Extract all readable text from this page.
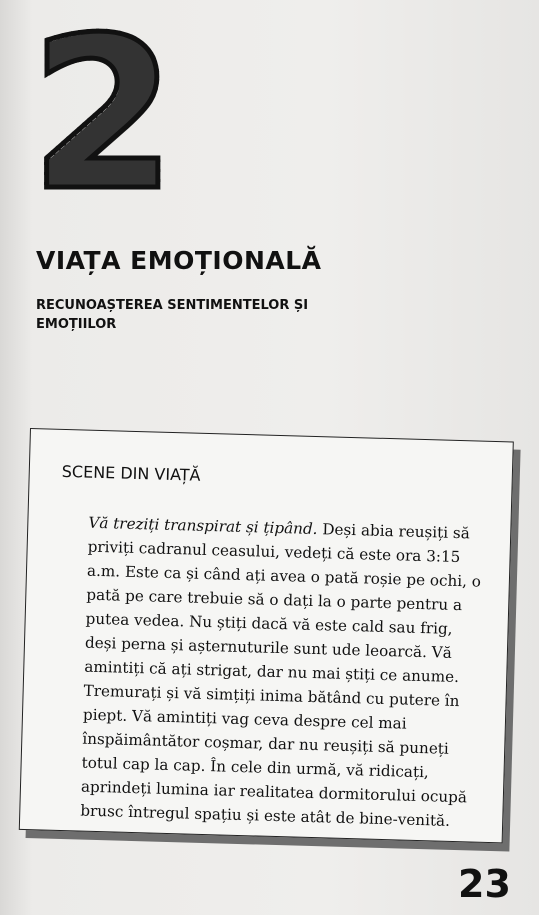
2
VIAȚA EMOȚIONALĂ
RECUNOAȘTEREA SENTIMENTELOR ȘI EMOȚIILOR
SCENE DIN VIAȚĂ
Vă treziți transpirat și țipând. Deși abia reușiți să priviți cadranul ceasului, vedeți că este ora 3:15 a.m. Este ca și când ați avea o pată roșie pe ochi, o pată pe care trebuie să o dați la o parte pentru a putea vedea. Nu știți dacă vă este cald sau frig, deși perna și așternuturile sunt ude leoarcă. Vă amintiți că ați strigat, dar nu mai știți ce anume. Tremurați și vă simțiți inima bătând cu putere în piept. Vă amintiți vag ceva despre cel mai înspăimântător coșmar, dar nu reușiți să puneți totul cap la cap. În cele din urmă, vă ridicați, aprindeți lumina iar realitatea dormitorului ocupă brusc întregul spațiu și este atât de bine-venită.
23
